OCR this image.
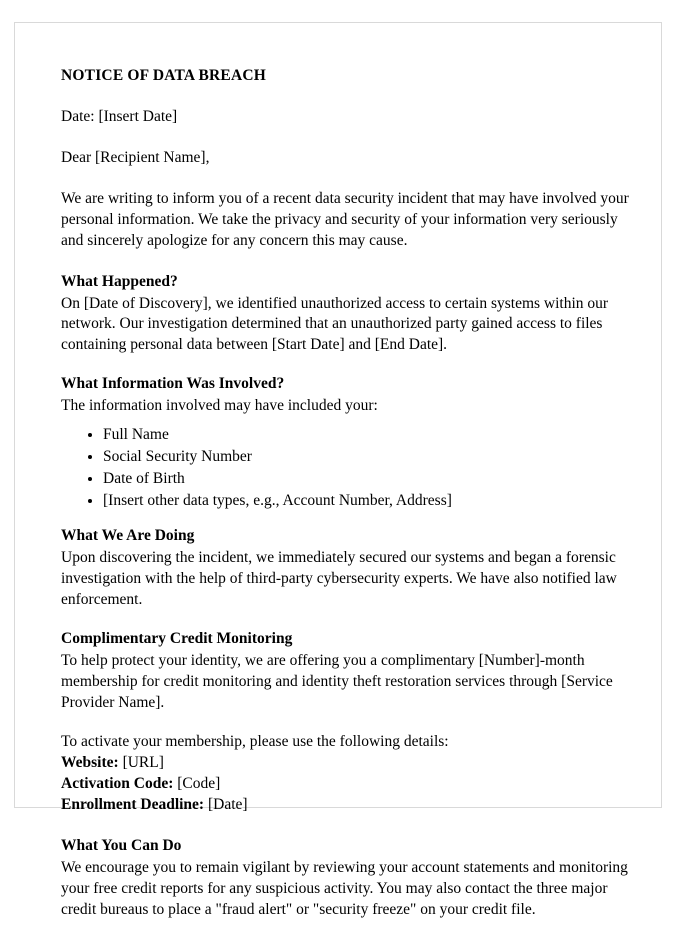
NOTICE OF DATA BREACH

Date: [Insert Date]

Dear [Recipient Name],

We are writing to inform you of a recent data security incident that may have involved your personal information. We take the privacy and security of your information very seriously and sincerely apologize for any concern this may cause.

What Happened?

On [Date of Discovery], we identified unauthorized access to certain systems within our network. Our investigation determined that an unauthorized party gained access to files containing personal data between [Start Date] and [End Date].

What Information Was Involved?

The information involved may have included your:

• Full Name
• Social Security Number
• Date of Birth
• [Insert other data types, e.g., Account Number, Address]
What We Are Doing

Upon discovering the incident, we immediately secured our systems and began a forensic investigation with the help of third-party cybersecurity experts. We have also notified law enforcement.

Complimentary Credit Monitoring

To help protect your identity, we are offering you a complimentary [Number]-month membership for credit monitoring and identity theft restoration services through [Service Provider Name].

To activate your membership, please use the following details:

Website: [URL]

Activation Code: [Code]

Enrollment Deadline: [Date]

What You Can Do

We encourage you to remain vigilant by reviewing your account statements and monitoring your free credit reports for any suspicious activity. You may also contact the three major credit bureaus to place a "fraud alert" or "security freeze" on your credit file.
